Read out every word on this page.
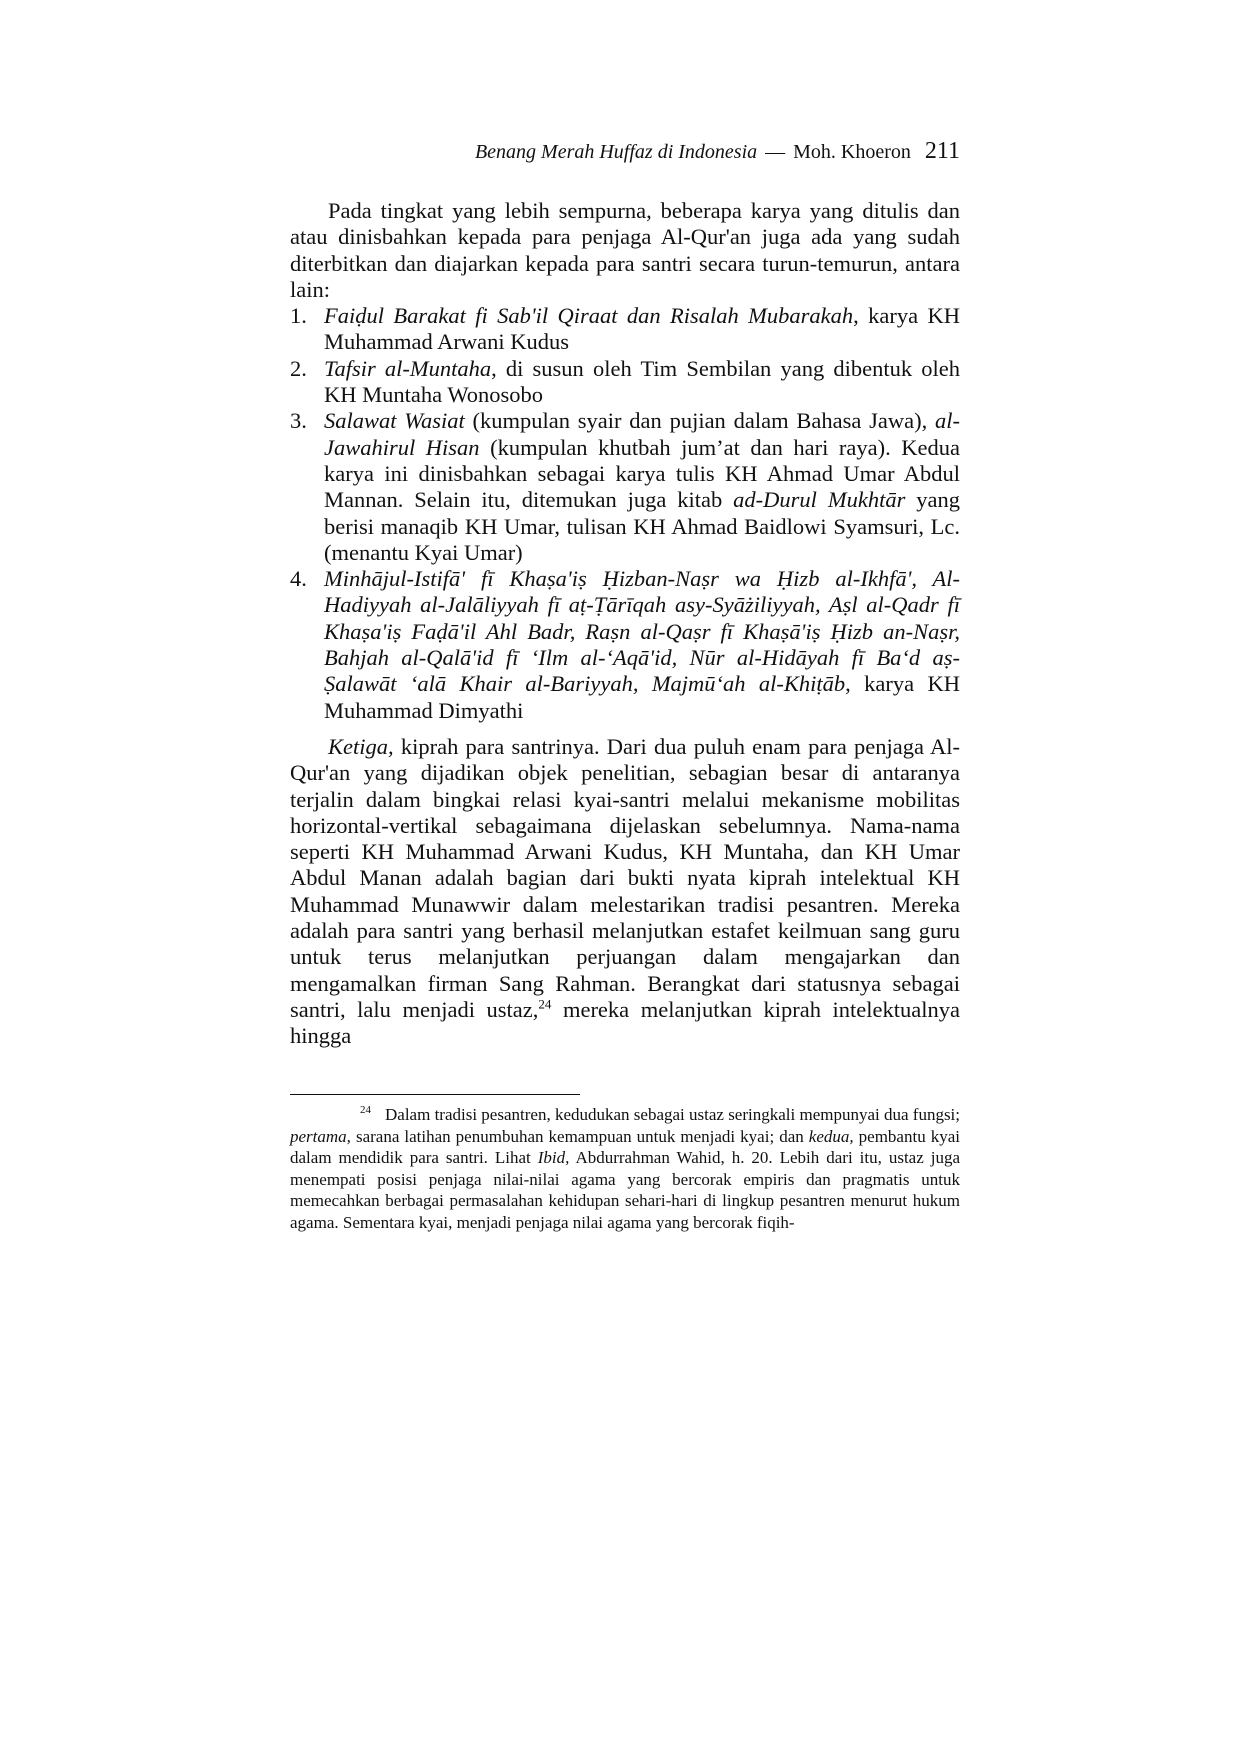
Benang Merah Huffaz di Indonesia — Moh. Khoeron 211

Pada tingkat yang lebih sempurna, beberapa karya yang ditulis dan atau dinisbahkan kepada para penjaga Al-Qur'an juga ada yang sudah diterbitkan dan diajarkan kepada para santri secara turun-temurun, antara lain:

1. Faiḍul Barakat fi Sab'il Qiraat dan Risalah Mubarakah, karya KH Muhammad Arwani Kudus
2. Tafsir al-Muntaha, di susun oleh Tim Sembilan yang dibentuk oleh KH Muntaha Wonosobo
3. Salawat Wasiat (kumpulan syair dan pujian dalam Bahasa Jawa), al-Jawahirul Hisan (kumpulan khutbah jum’at dan hari raya). Kedua karya ini dinisbahkan sebagai karya tulis KH Ahmad Umar Abdul Mannan. Selain itu, ditemukan juga kitab ad-Durul Mukhtār yang berisi manaqib KH Umar, tulisan KH Ahmad Baidlowi Syamsuri, Lc. (menantu Kyai Umar)
4. Minhājul-Istifā' fī Khaṣa'iṣ Ḥizban-Naṣr wa Ḥizb al-Ikhfā', Al-Hadiyyah al-Jalāliyyah fī aṭ-Ṭārīqah asy-Syāżiliyyah, Aṣl al-Qadr fī Khaṣa'iṣ Faḍā'il Ahl Badr, Raṣn al-Qaṣr fī Khaṣā'iṣ Ḥizb an-Naṣr, Bahjah al-Qalā'id fī ‘Ilm al-‘Aqā'id, Nūr al-Hidāyah fī Ba‘d aṣ-Ṣalawāt ‘alā Khair al-Bariyyah, Majmū‘ah al-Khiṭāb, karya KH Muhammad Dimyathi

Ketiga, kiprah para santrinya. Dari dua puluh enam para penjaga Al-Qur'an yang dijadikan objek penelitian, sebagian besar di antaranya terjalin dalam bingkai relasi kyai-santri melalui mekanisme mobilitas horizontal-vertikal sebagaimana dijelaskan sebelumnya. Nama-nama seperti KH Muhammad Arwani Kudus, KH Muntaha, dan KH Umar Abdul Manan adalah bagian dari bukti nyata kiprah intelektual KH Muhammad Munawwir dalam melestarikan tradisi pesantren. Mereka adalah para santri yang berhasil melanjutkan estafet keilmuan sang guru untuk terus melanjutkan perjuangan dalam mengajarkan dan mengamalkan firman Sang Rahman. Berangkat dari statusnya sebagai santri, lalu menjadi ustaz,$^{24}$ mereka melanjutkan kiprah intelektualnya hingga

$^{24}$ Dalam tradisi pesantren, kedudukan sebagai ustaz seringkali mempunyai dua fungsi; pertama, sarana latihan penumbuhan kemampuan untuk menjadi kyai; dan kedua, pembantu kyai dalam mendidik para santri. Lihat Ibid, Abdurrahman Wahid, h. 20. Lebih dari itu, ustaz juga menempati posisi penjaga nilai-nilai agama yang bercorak empiris dan pragmatis untuk memecahkan berbagai permasalahan kehidupan sehari-hari di lingkup pesantren menurut hukum agama. Sementara kyai, menjadi penjaga nilai agama yang bercorak fiqih-
